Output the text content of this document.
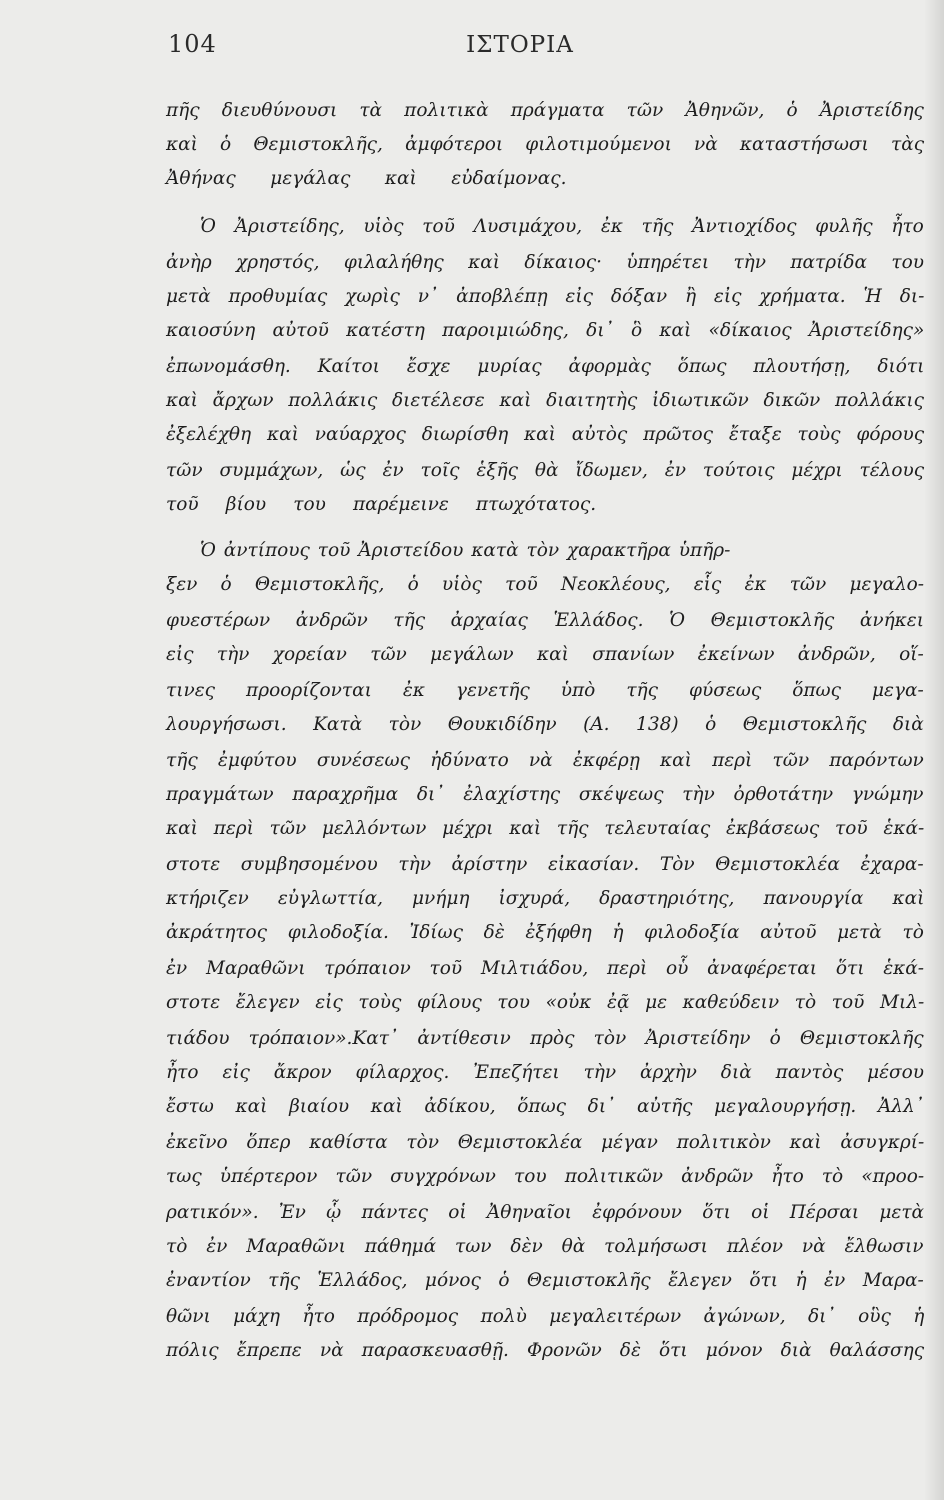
104	ΙΣΤΟΡΙΑ
πῆς διευθύνουσι τὰ πολιτικὰ πράγματα τῶν Ἀθηνῶν, ὁ Ἀριστείδης
καὶ ὁ Θεμιστοκλῆς, ἀμφότεροι φιλοτιμούμενοι νὰ καταστήσωσι τὰς
Ἀθήνας μεγάλας καὶ εὐδαίμονας.
Ὁ Ἀριστείδης, υἱὸς τοῦ Λυσιμάχου, ἐκ τῆς Ἀντιοχίδος φυλῆς ἦτο
ἀνὴρ χρηστός, φιλαλήθης καὶ δίκαιος· ὑπηρέτει τὴν πατρίδα του
μετὰ προθυμίας χωρὶς ν᾽ ἀποβλέπῃ εἰς δόξαν ἢ εἰς χρήματα. Ἡ δι-
καιοσύνη αὐτοῦ κατέστη παροιμιώδης, δι᾽ ὃ καὶ «δίκαιος Ἀριστείδης»
ἐπωνομάσθη. Καίτοι ἔσχε μυρίας ἀφορμὰς ὅπως πλουτήσῃ, διότι
καὶ ἄρχων πολλάκις διετέλεσε καὶ διαιτητὴς ἰδιωτικῶν δικῶν πολλάκις
ἐξελέχθη καὶ ναύαρχος διωρίσθη καὶ αὐτὸς πρῶτος ἔταξε τοὺς φόρους
τῶν συμμάχων, ὡς ἐν τοῖς ἑξῆς θὰ ἴδωμεν, ἐν τούτοις μέχρι τέλους
τοῦ βίου του παρέμεινε πτωχότατος.
Ὁ ἀντίπους τοῦ Ἀριστείδου κατὰ τὸν χαρακτῆρα ὑπῆρ-
ξεν ὁ Θεμιστοκλῆς, ὁ υἱὸς τοῦ Νεοκλέους, εἷς ἐκ τῶν μεγαλο-
φυεστέρων ἀνδρῶν τῆς ἀρχαίας Ἑλλάδος. Ὁ Θεμιστοκλῆς ἀνήκει
εἰς τὴν χορείαν τῶν μεγάλων καὶ σπανίων ἐκείνων ἀνδρῶν, οἵ-
τινες προορίζονται ἐκ γενετῆς ὑπὸ τῆς φύσεως ὅπως μεγα-
λουργήσωσι. Κατὰ τὸν Θουκιδίδην (Α. 138) ὁ Θεμιστοκλῆς διὰ
τῆς ἐμφύτου συνέσεως ἠδύνατο νὰ ἐκφέρῃ καὶ περὶ τῶν παρόντων
πραγμάτων παραχρῆμα δι᾽ ἐλαχίστης σκέψεως τὴν ὀρθοτάτην γνώμην
καὶ περὶ τῶν μελλόντων μέχρι καὶ τῆς τελευταίας ἐκβάσεως τοῦ ἑκά-
στοτε συμβησομένου τὴν ἀρίστην εἰκασίαν. Τὸν Θεμιστοκλέα ἐχαρα-
κτήριζεν εὐγλωττία, μνήμη ἰσχυρά, δραστηριότης, πανουργία καὶ
ἀκράτητος φιλοδοξία. Ἰδίως δὲ ἐξήφθη ἡ φιλοδοξία αὐτοῦ μετὰ τὸ
ἐν Μαραθῶνι τρόπαιον τοῦ Μιλτιάδου, περὶ οὗ ἀναφέρεται ὅτι ἑκά-
στοτε ἔλεγεν εἰς τοὺς φίλους του «οὐκ ἐᾷ με καθεύδειν τὸ τοῦ Μιλ-
τιάδου τρόπαιον».Κατ᾽ ἀντίθεσιν πρὸς τὸν Ἀριστείδην ὁ Θεμιστοκλῆς
ἦτο εἰς ἄκρον φίλαρχος. Ἐπεζήτει τὴν ἀρχὴν διὰ παντὸς μέσου
ἔστω καὶ βιαίου καὶ ἀδίκου, ὅπως δι᾽ αὐτῆς μεγαλουργήσῃ. Ἀλλ᾽
ἐκεῖνο ὅπερ καθίστα τὸν Θεμιστοκλέα μέγαν πολιτικὸν καὶ ἀσυγκρί-
τως ὑπέρτερον τῶν συγχρόνων του πολιτικῶν ἀνδρῶν ἦτο τὸ «προο-
ρατικόν». Ἐν ᾧ πάντες οἱ Ἀθηναῖοι ἐφρόνουν ὅτι οἱ Πέρσαι μετὰ
τὸ ἐν Μαραθῶνι πάθημά των δὲν θὰ τολμήσωσι πλέον νὰ ἔλθωσιν
ἐναντίον τῆς Ἑλλάδος, μόνος ὁ Θεμιστοκλῆς ἔλεγεν ὅτι ἡ ἐν Μαρα-
θῶνι μάχη ἦτο πρόδρομος πολὺ μεγαλειτέρων ἀγώνων, δι᾽ οὓς ἡ
πόλις ἔπρεπε νὰ παρασκευασθῇ. Φρονῶν δὲ ὅτι μόνον διὰ θαλάσσης
